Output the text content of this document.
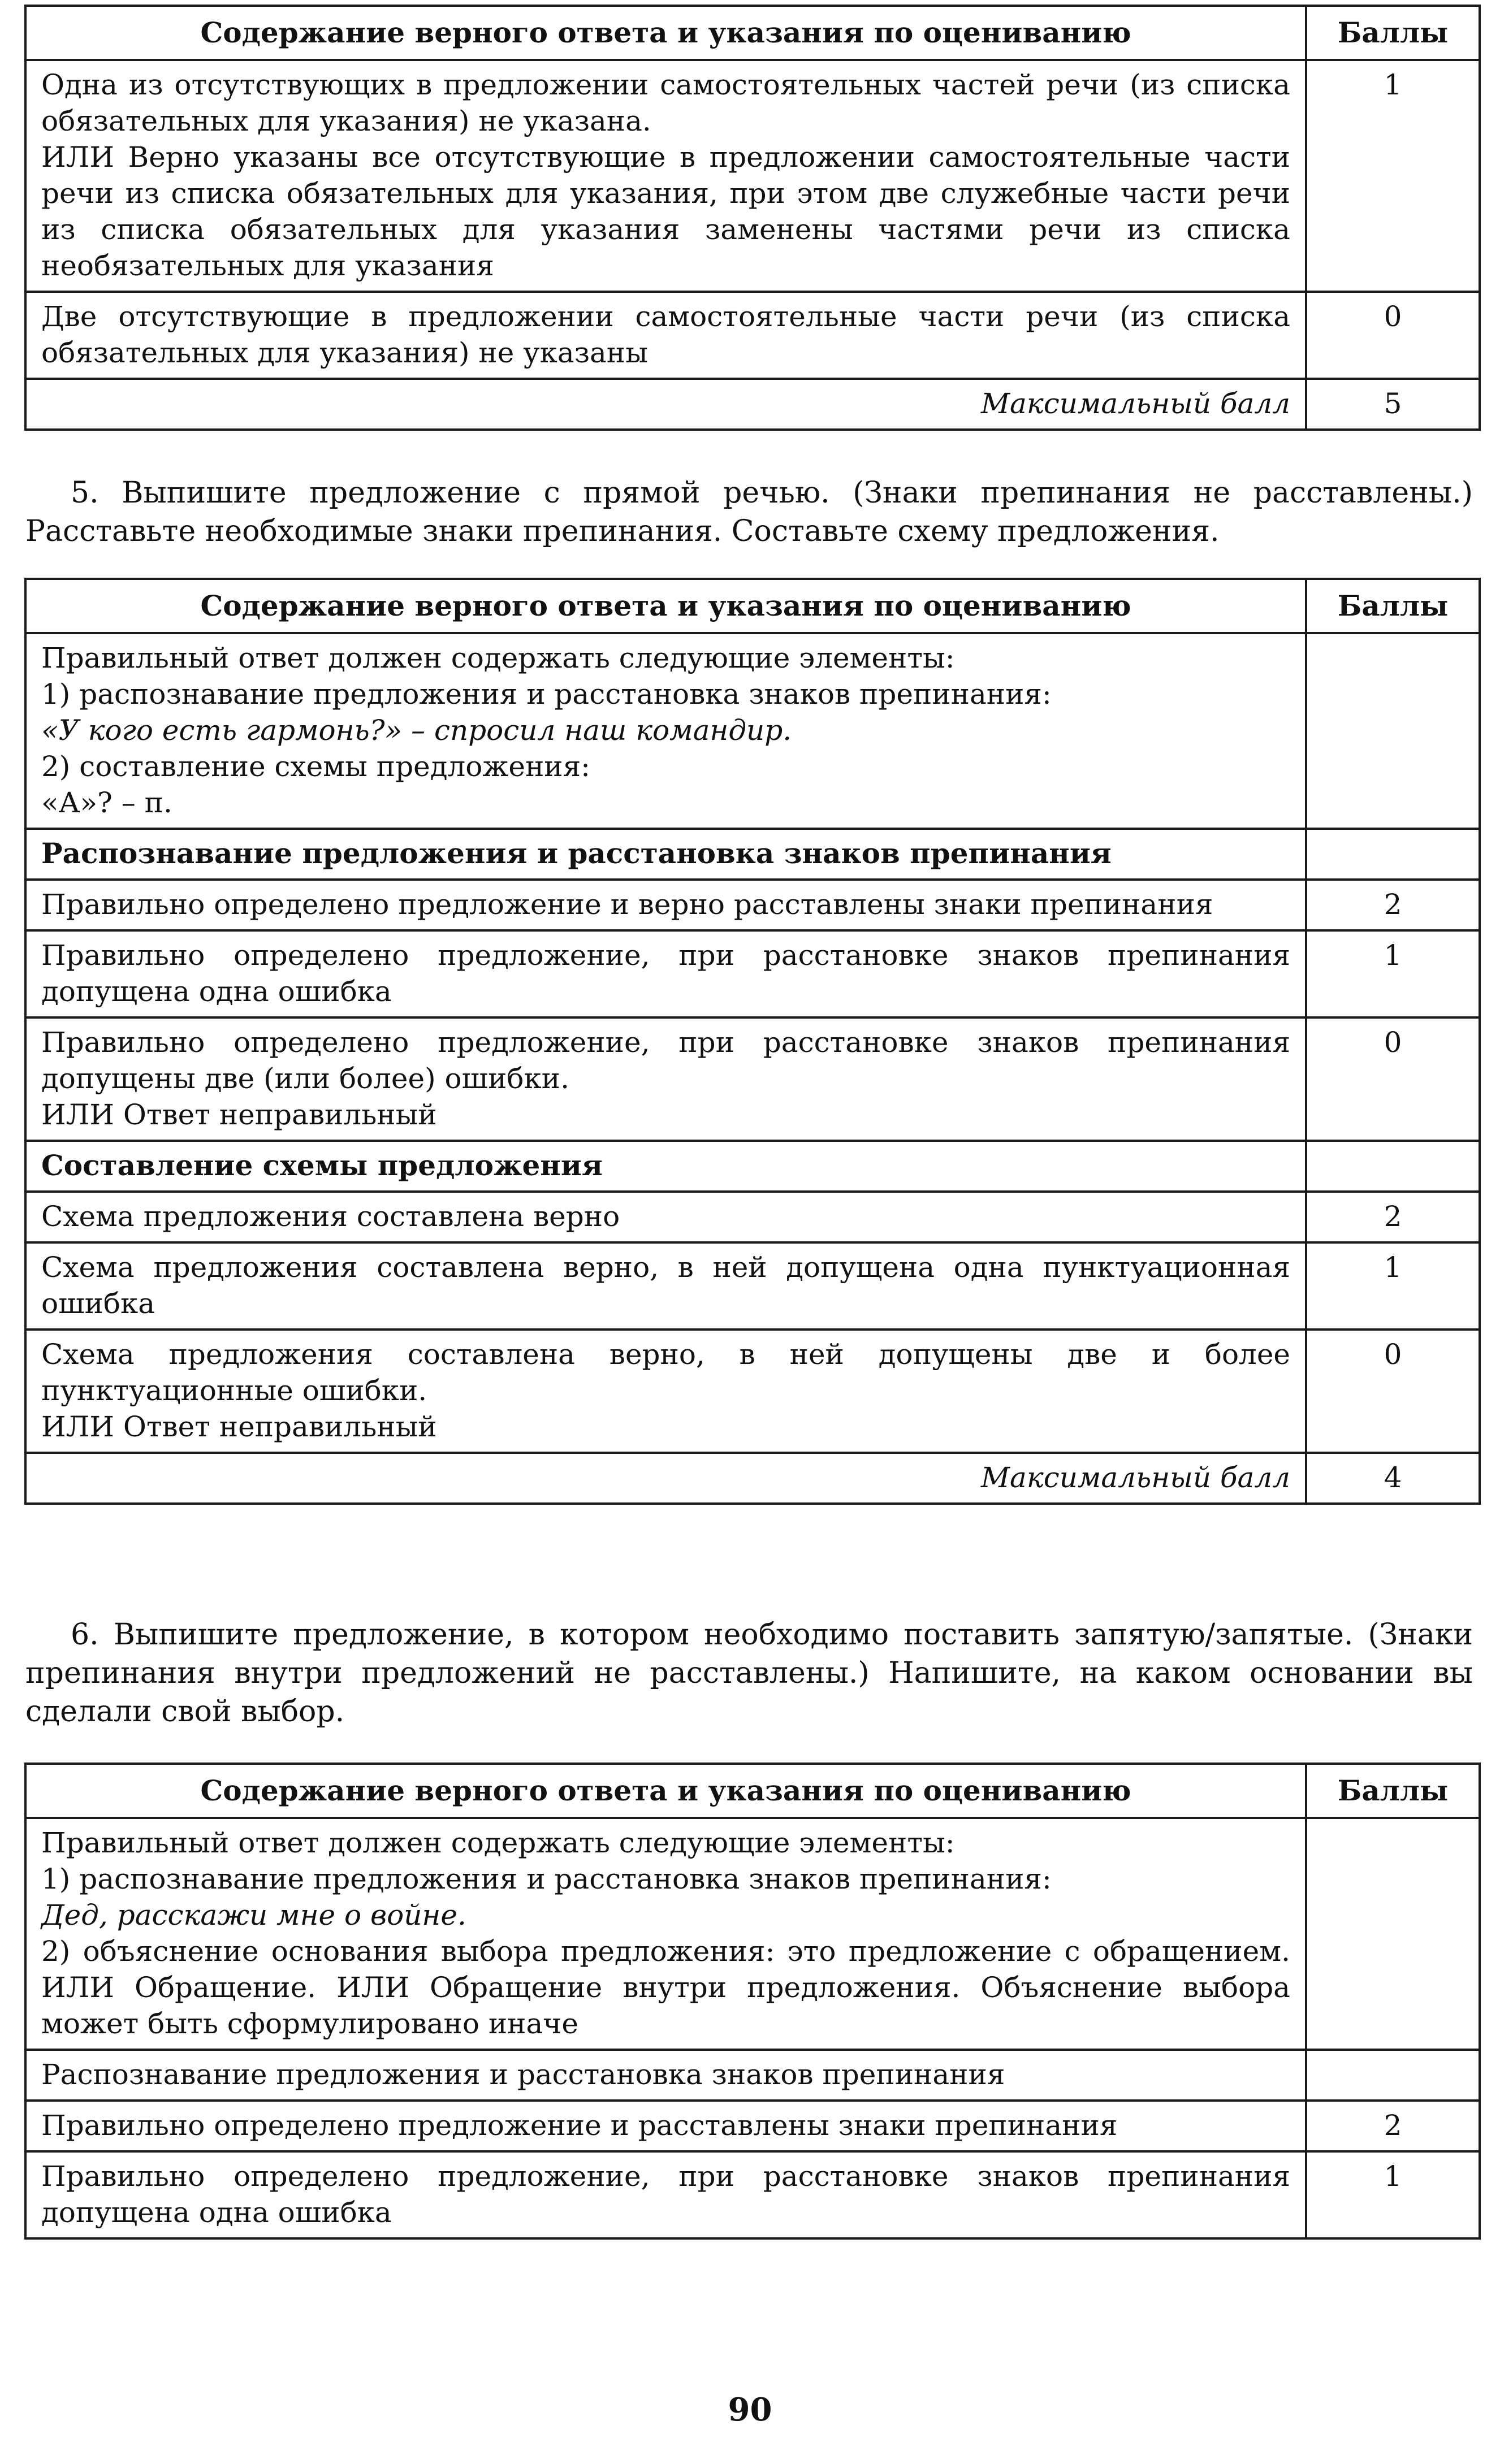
Содержание верного ответа и указания по оцениванию	Баллы

Одна из отсутствующих в предложении самостоятельных частей речи (из списка обязательных для указания) не указана.
ИЛИ Верно указаны все отсутствующие в предложении самостоятельные части речи из списка обязательных для указания, при этом две служебные части речи из списка обязательных для указания заменены частями речи из списка необязательных для указания	1

Две отсутствующие в предложении самостоятельные части речи (из списка обязательных для указания) не указаны	0
Максимальный балл	5

5. Выпишите предложение с прямой речью. (Знаки препинания не расставлены.) Расставьте необходимые знаки препинания. Составьте схему предложения.

Содержание верного ответа и указания по оцениванию	Баллы

Правильный ответ должен содержать следующие элементы:
1) распознавание предложения и расстановка знаков препинания:
«У кого есть гармонь?» – спросил наш командир.
2) составление схемы предложения:
«А»? – п.	

Распознавание предложения и расстановка знаков препинания	

Правильно определено предложение и верно расставлены знаки препинания	2

Правильно определено предложение, при расстановке знаков препинания допущена одна ошибка	1

Правильно определено предложение, при расстановке знаков препинания допущены две (или более) ошибки.
ИЛИ Ответ неправильный	0
Составление схемы предложения	

Схема предложения составлена верно	2

Схема предложения составлена верно, в ней допущена одна пунктуационная ошибка	1

Схема предложения составлена верно, в ней допущены две и более пунктуационные ошибки.
ИЛИ Ответ неправильный	0
Максимальный балл	4

6. Выпишите предложение, в котором необходимо поставить запятую/запятые. (Знаки препинания внутри предложений не расставлены.) Напишите, на каком основании вы сделали свой выбор.

Содержание верного ответа и указания по оцениванию	Баллы

Правильный ответ должен содержать следующие элементы:
1) распознавание предложения и расстановка знаков препинания:
Дед, расскажи мне о войне.
2) объяснение основания выбора предложения: это предложение с обращением. ИЛИ Обращение. ИЛИ Обращение внутри предложения. Объяснение выбора может быть сформулировано иначе	

Распознавание предложения и расстановка знаков препинания	

Правильно определено предложение и расставлены знаки препинания	2

Правильно определено предложение, при расстановке знаков препинания допущена одна ошибка	1
90
